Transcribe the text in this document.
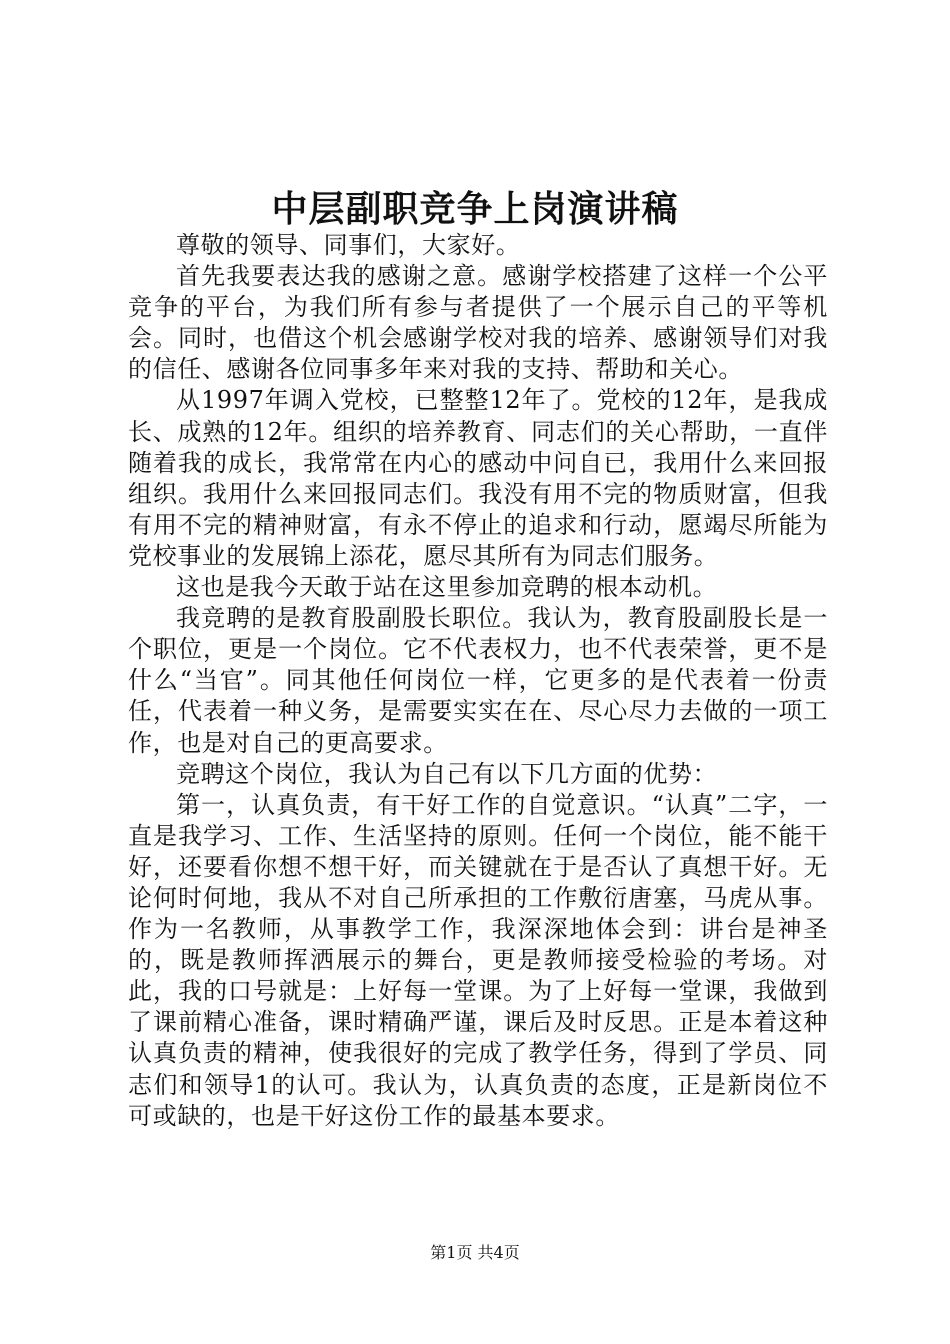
中层副职竞争上岗演讲稿

尊敬的领导、同事们，大家好。

首先我要表达我的感谢之意。感谢学校搭建了这样一个公平竞争的平台，为我们所有参与者提供了一个展示自己的平等机会。同时，也借这个机会感谢学校对我的培养、感谢领导们对我的信任、感谢各位同事多年来对我的支持、帮助和关心。

从1997年调入党校，已整整12年了。党校的12年，是我成长、成熟的12年。组织的培养教育、同志们的关心帮助，一直伴随着我的成长，我常常在内心的感动中问自已，我用什么来回报组织。我用什么来回报同志们。我没有用不完的物质财富，但我有用不完的精神财富，有永不停止的追求和行动，愿竭尽所能为党校事业的发展锦上添花，愿尽其所有为同志们服务。

这也是我今天敢于站在这里参加竞聘的根本动机。

我竞聘的是教育股副股长职位。我认为，教育股副股长是一个职位，更是一个岗位。它不代表权力，也不代表荣誉，更不是什么“当官”。同其他任何岗位一样，它更多的是代表着一份责任，代表着一种义务，是需要实实在在、尽心尽力去做的一项工作，也是对自己的更高要求。

竞聘这个岗位，我认为自己有以下几方面的优势：

第一，认真负责，有干好工作的自觉意识。“认真”二字，一直是我学习、工作、生活坚持的原则。任何一个岗位，能不能干好，还要看你想不想干好，而关键就在于是否认了真想干好。无论何时何地，我从不对自己所承担的工作敷衍唐塞，马虎从事。作为一名教师，从事教学工作，我深深地体会到：讲台是神圣的，既是教师挥洒展示的舞台，更是教师接受检验的考场。对此，我的口号就是：上好每一堂课。为了上好每一堂课，我做到了课前精心准备，课时精确严谨，课后及时反思。正是本着这种认真负责的精神，使我很好的完成了教学任务，得到了学员、同志们和领导1的认可。我认为，认真负责的态度，正是新岗位不可或缺的，也是干好这份工作的最基本要求。

第1页 共4页
